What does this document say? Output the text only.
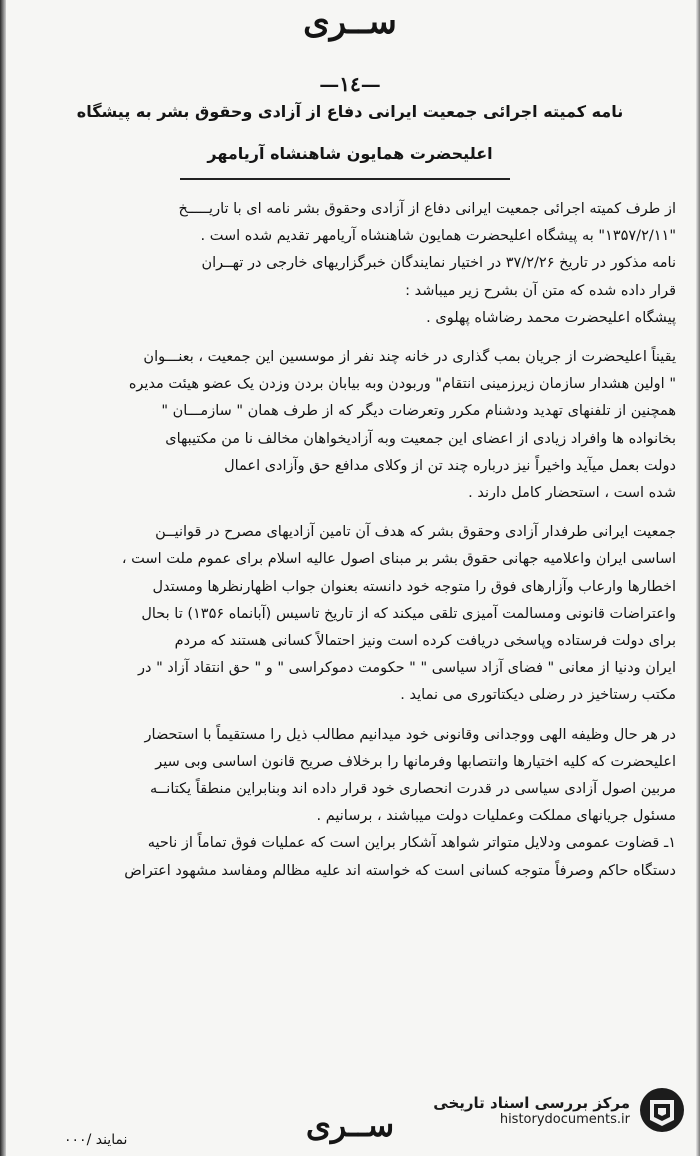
ســرى
—١٤—
نامه کمیته اجرائی جمعیت ایرانی دفاع از آزادی وحقوق بشر به پیشگاه
اعلیحضرت همایون شاهنشاه آریامهر
از طرف کمیته اجرائی جمعیت ایرانی دفاع از آزادی وحقوق بشر نامه ای با تاریـــــخ
"۱۳۵۷/۲/۱۱" به پیشگاه اعلیحضرت همایون شاهنشاه آریامهر تقدیم شده است .
نامه مذکور در تاریخ ۳۷/۲/۲۶ در اختیار نمایندگان خبرگزاریهای خارجی در تهــران
قرار داده شده که متن آن بشرح زیر میباشد :
پیشگاه اعلیحضرت محمد رضاشاه پهلوی .
یقیناً اعلیحضرت از جریان بمب گذاری در خانه چند نفر از موسسین این جمعیت ، بعنـــوان
" اولین هشدار سازمان زیرزمینی انتقام" وربودن وبه بیابان بردن وزدن یک عضو هیئت مدیره
همچنین از تلفنهای تهدید ودشنام مکرر وتعرضات دیگر که از طرف همان " سازمـــان "
بخانواده ها وافراد زیادی از اعضای این جمعیت وبه آزادیخواهان مخالف نا من مکتیبهای
دولت بعمل میآید واخیراً نیز درباره چند تن از وکلای مدافع حق وآزادی اعمال
شده است ، استحضار کامل دارند .
جمعیت ایرانی طرفدار آزادی وحقوق بشر که هدف آن تامین آزادیهای مصرح در قوانیــن
اساسی ایران واعلامیه جهانی حقوق بشر بر مبنای اصول عالیه اسلام برای عموم ملت است ،
اخطارها وارعاب وآزارهای فوق را متوجه خود دانسته بعنوان جواب اظهارنظرها ومستدل
واعتراضات قانونی ومسالمت آمیزی تلقی میکند که از تاریخ تاسیس (آبانماه ۱۳۵۶) تا بحال
برای دولت فرستاده وپاسخی دریافت کرده است ونیز احتمالاً کسانی هستند که مردم
ایران ودنیا از معانی " فضای آزاد سیاسی " " حکومت دموکراسی " و " حق انتقاد آزاد " در
مکتب رستاخیز در رضلی دیکتاتوری می نماید .
در هر حال وظیفه الهی ووجدانی وقانونی خود میدانیم مطالب ذیل را مستقیماً با استحضار
اعلیحضرت که کلیه اختیارها وانتصابها وفرمانها را برخلاف صریح قانون اساسی وبی سیر
مربین اصول آزادی سیاسی در قدرت انحصاری خود قرار داده اند وبنابراین منطقاً یکتانــه
مسئول جریانهای مملکت وعملیات دولت میباشند ، برسانیم .
۱ـ قضاوت عمومی ودلایل متواتر شواهد آشکار براین است که عملیات فوق تماماً از ناحیه
دستگاه حاکم وصرفاً متوجه کسانی است که خواسته اند علیه مظالم ومفاسد مشهود اعتراض
ســرى
نمایند /۰۰۰
مرکز بررسی اسناد تاریخی
historydocuments.ir
